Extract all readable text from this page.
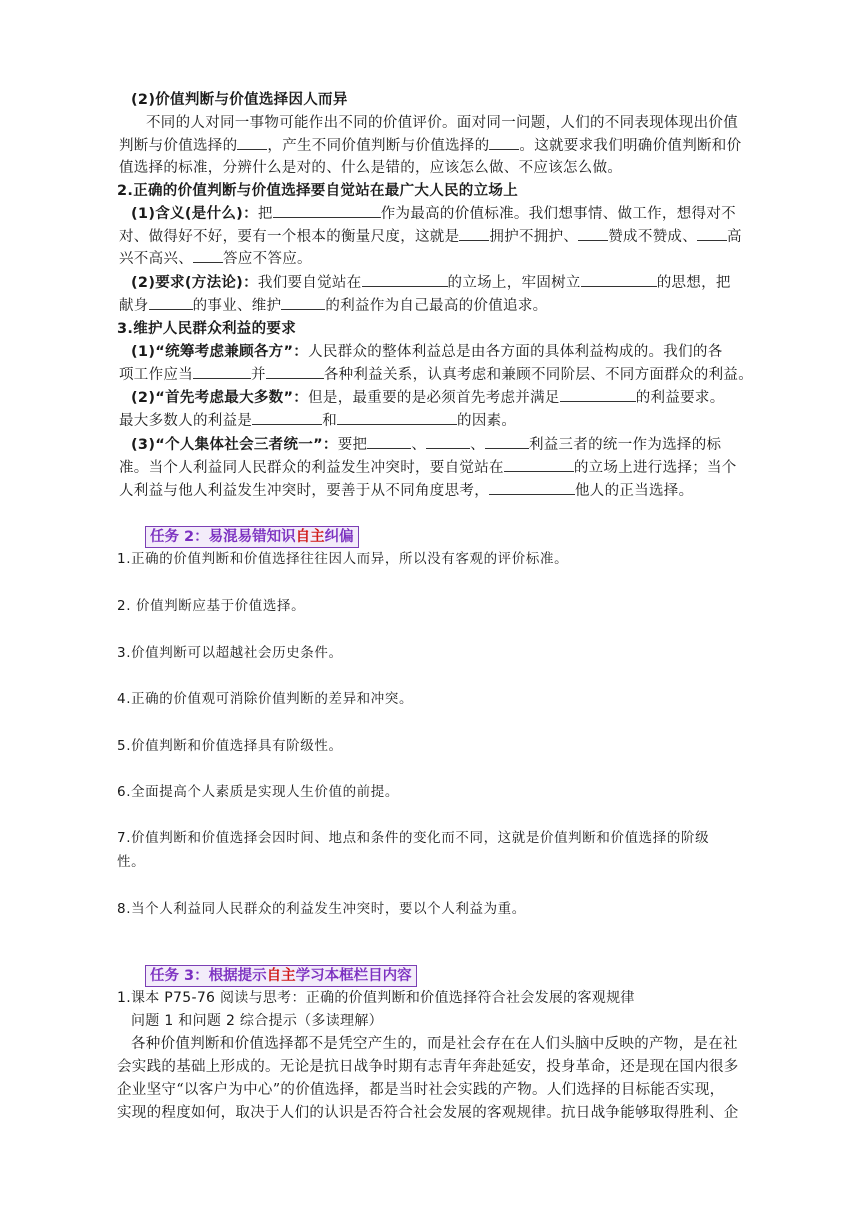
(2)价值判断与价值选择因人而异
不同的人对同一事物可能作出不同的价值评价。面对同一问题，人们的不同表现体现出价值
判断与价值选择的 ，产生不同价值判断与价值选择的 。这就要求我们明确价值判断和价
值选择的标准，分辨什么是对的、什么是错的，应该怎么做、不应该怎么做。
2.正确的价值判断与价值选择要自觉站在最广大人民的立场上
(1)含义(是什么)：把	作为最高的价值标准。我们想事情、做工作，想得对不
对、做得好不好，要有一个根本的衡量尺度，这就是 拥护不拥护、 赞成不赞成、 高
兴不高兴、 答应不答应。
(2)要求(方法论)：我们要自觉站在	的立场上，牢固树立	的思想，把
献身	的事业、维护	的利益作为自己最高的价值追求。
3.维护人民群众利益的要求
(1)“统筹考虑兼顾各方”：人民群众的整体利益总是由各方面的具体利益构成的。我们的各
项工作应当	并	各种利益关系，认真考虑和兼顾不同阶层、不同方面群众的利益。
(2)“首先考虑最大多数”：但是，最重要的是必须首先考虑并满足	的利益要求。
最大多数人的利益是	和	的因素。
(3)“个人集体社会三者统一”：要把	、	、	利益三者的统一作为选择的标
准。当个人利益同人民群众的利益发生冲突时，要自觉站在	的立场上进行选择；当个
人利益与他人利益发生冲突时，要善于从不同角度思考，	他人的正当选择。
任务 2：易混易错知识自主纠偏
1.正确的价值判断和价值选择往往因人而异，所以没有客观的评价标准。
2. 价值判断应基于价值选择。
3.价值判断可以超越社会历史条件。
4.正确的价值观可消除价值判断的差异和冲突。
5.价值判断和价值选择具有阶级性。
6.全面提高个人素质是实现人生价值的前提。
7.价值判断和价值选择会因时间、地点和条件的变化而不同，这就是价值判断和价值选择的阶级
性。
8.当个人利益同人民群众的利益发生冲突时，要以个人利益为重。
任务 3：根据提示自主学习本框栏目内容
1.课本 P75-76 阅读与思考：正确的价值判断和价值选择符合社会发展的客观规律
问题 1 和问题 2 综合提示（多读理解）
各种价值判断和价值选择都不是凭空产生的，而是社会存在在人们头脑中反映的产物，是在社
会实践的基础上形成的。无论是抗日战争时期有志青年奔赴延安，投身革命，还是现在国内很多
企业坚守“以客户为中心”的价值选择，都是当时社会实践的产物。人们选择的目标能否实现，
实现的程度如何，取决于人们的认识是否符合社会发展的客观规律。抗日战争能够取得胜利、企
